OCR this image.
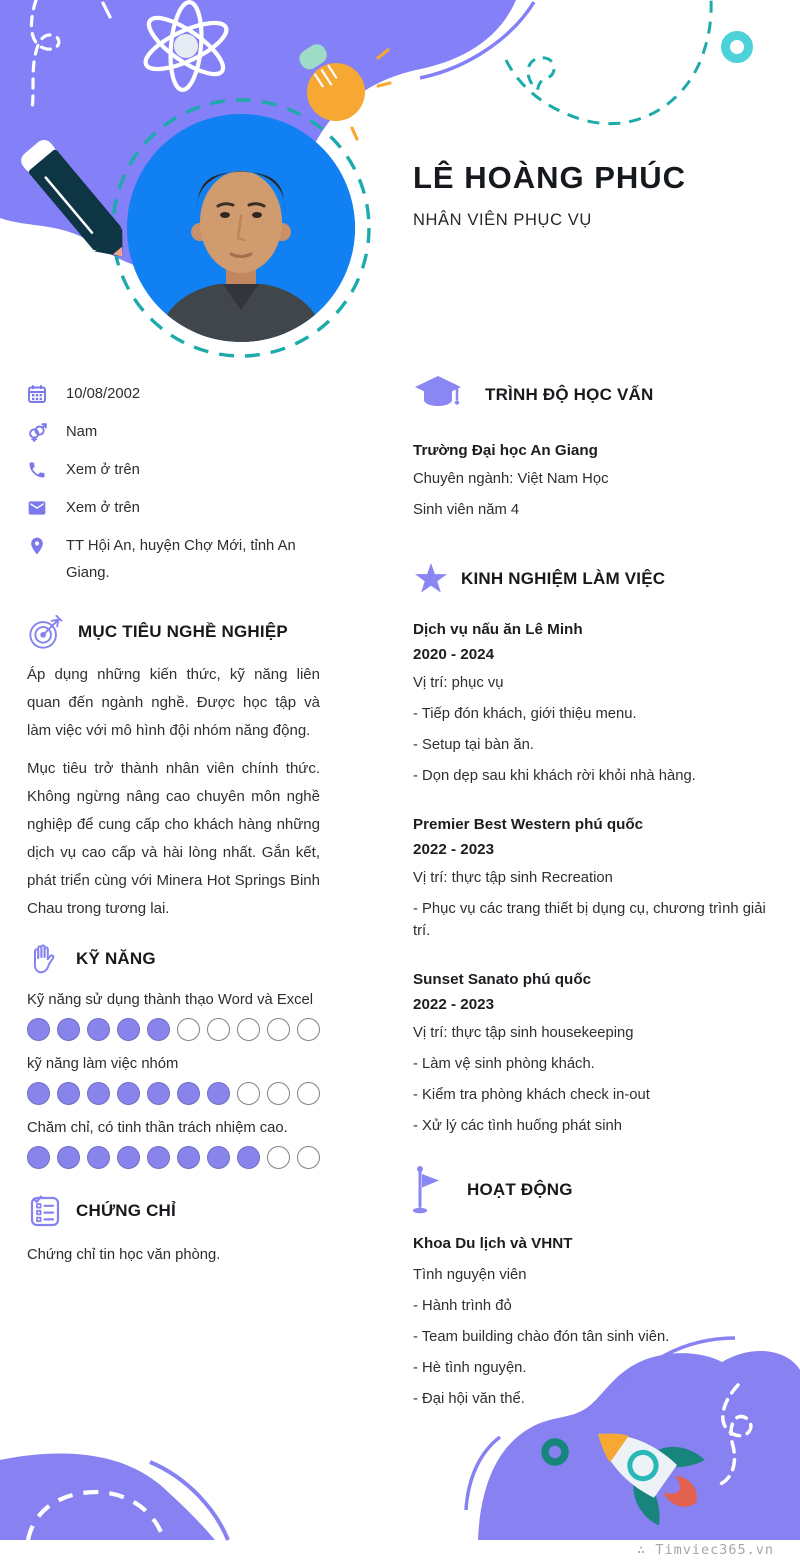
LÊ HOÀNG PHÚC
NHÂN VIÊN PHỤC VỤ
10/08/2002
Nam
Xem ở trên
Xem ở trên
TT Hội An, huyện Chợ Mới, tỉnh An Giang.
MỤC TIÊU NGHỀ NGHIỆP

Áp dụng những kiến thức, kỹ năng liên quan đến ngành nghề. Được học tập và làm việc với mô hình đội nhóm năng động.

Mục tiêu trở thành nhân viên chính thức. Không ngừng nâng cao chuyên môn nghề nghiệp để cung cấp cho khách hàng những dịch vụ cao cấp và hài lòng nhất. Gắn kết, phát triển cùng với Minera Hot Springs Binh Chau trong tương lai.

KỸ NĂNG
Kỹ năng sử dụng thành thạo Word và Excel
kỹ năng làm việc nhóm
Chăm chỉ, có tinh thần trách nhiệm cao.
CHỨNG CHỈ
Chứng chỉ tin học văn phòng.
TRÌNH ĐỘ HỌC VẤN
Trường Đại học An Giang
Chuyên ngành: Việt Nam Học
Sinh viên năm 4
KINH NGHIỆM LÀM VIỆC
Dịch vụ nấu ăn Lê Minh
2020 - 2024
Vị trí: phục vụ
- Tiếp đón khách, giới thiệu menu.
- Setup tại bàn ăn.
- Dọn dẹp sau khi khách rời khỏi nhà hàng.
Premier Best Western phú quốc
2022 - 2023
Vị trí: thực tập sinh Recreation
- Phục vụ các trang thiết bị dụng cụ, chương trình giải trí.
Sunset Sanato phú quốc
2022 - 2023
Vị trí: thực tập sinh housekeeping
- Làm vệ sinh phòng khách.
- Kiểm tra phòng khách check in-out
- Xử lý các tình huống phát sinh
HOẠT ĐỘNG
Khoa Du lịch và VHNT
Tình nguyện viên
- Hành trình đỏ
- Team building chào đón tân sinh viên.
- Hè tình nguyện.
- Đại hội văn thể.
∴ Timviec365.vn
